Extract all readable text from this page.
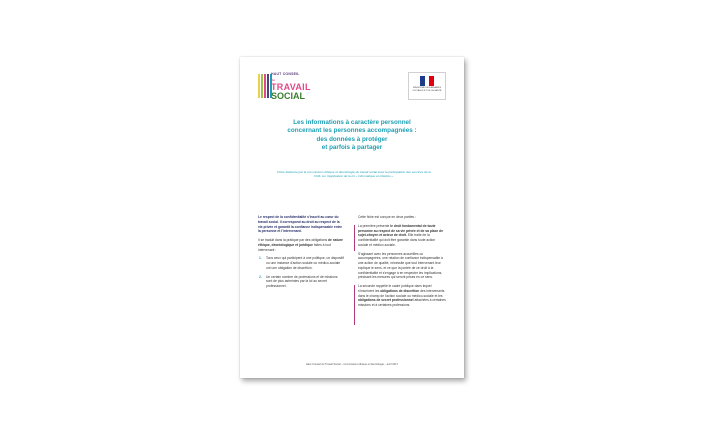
HAUT CONSEIL
du
TRAVAIL
SOCIAL
MINISTÈRE DES AFFAIRES SOCIALES ET DE LA SANTÉ
Les informations à caractère personnel
concernant les personnes accompagnées :
des données à protéger
et parfois à partager
Fiche élaborée par la commission éthique et déontologie du travail social avec la participation des services de la CNIL sur l'application de la loi « Informatique et Libertés ».

Le respect de la confidentialité s'inscrit au cœur du travail social. Il correspond au droit au respect de la vie privée et garantit la confiance indispensable entre la personne et l'intervenant.

Il se traduit dans la pratique par des obligations de nature éthique, déontologique et juridique faites à tout intervenant :

1. Tous ceux qui participent à une politique, un dispositif ou une instance d'action sociale ou médico-sociale ont une obligation de discrétion.
2. Un certain nombre de professions et de missions sont de plus astreintes par la loi au secret professionnel.

Cette fiche est conçue en deux parties :

La première présente le droit fondamental de toute personne au respect de sa vie privée et de sa place de sujet-citoyen et acteur de droit. Elle traite de la confidentialité qui doit être garantie dans toute action sociale et médico-sociale.

S'agissant avec les personnes accueillies ou accompagnées, une relation de confiance indispensable à une action de qualité, nécessite que tout intervenant leur explique le sens, et ce que la portée de ce droit à la confidentialité et s'engage à en respecter les implications, précisant les mesures qui seront prises en ce sens.

La seconde rappelle le cadre juridique dans lequel s'inscrivent les obligations de discrétion des intervenants dans le champ de l'action sociale ou médico-sociale et les obligations de secret professionnel attachées à certaines missions et à certaines professions.

Haut Conseil du Travail Social – Commission éthique et déontologie – avril 2017
